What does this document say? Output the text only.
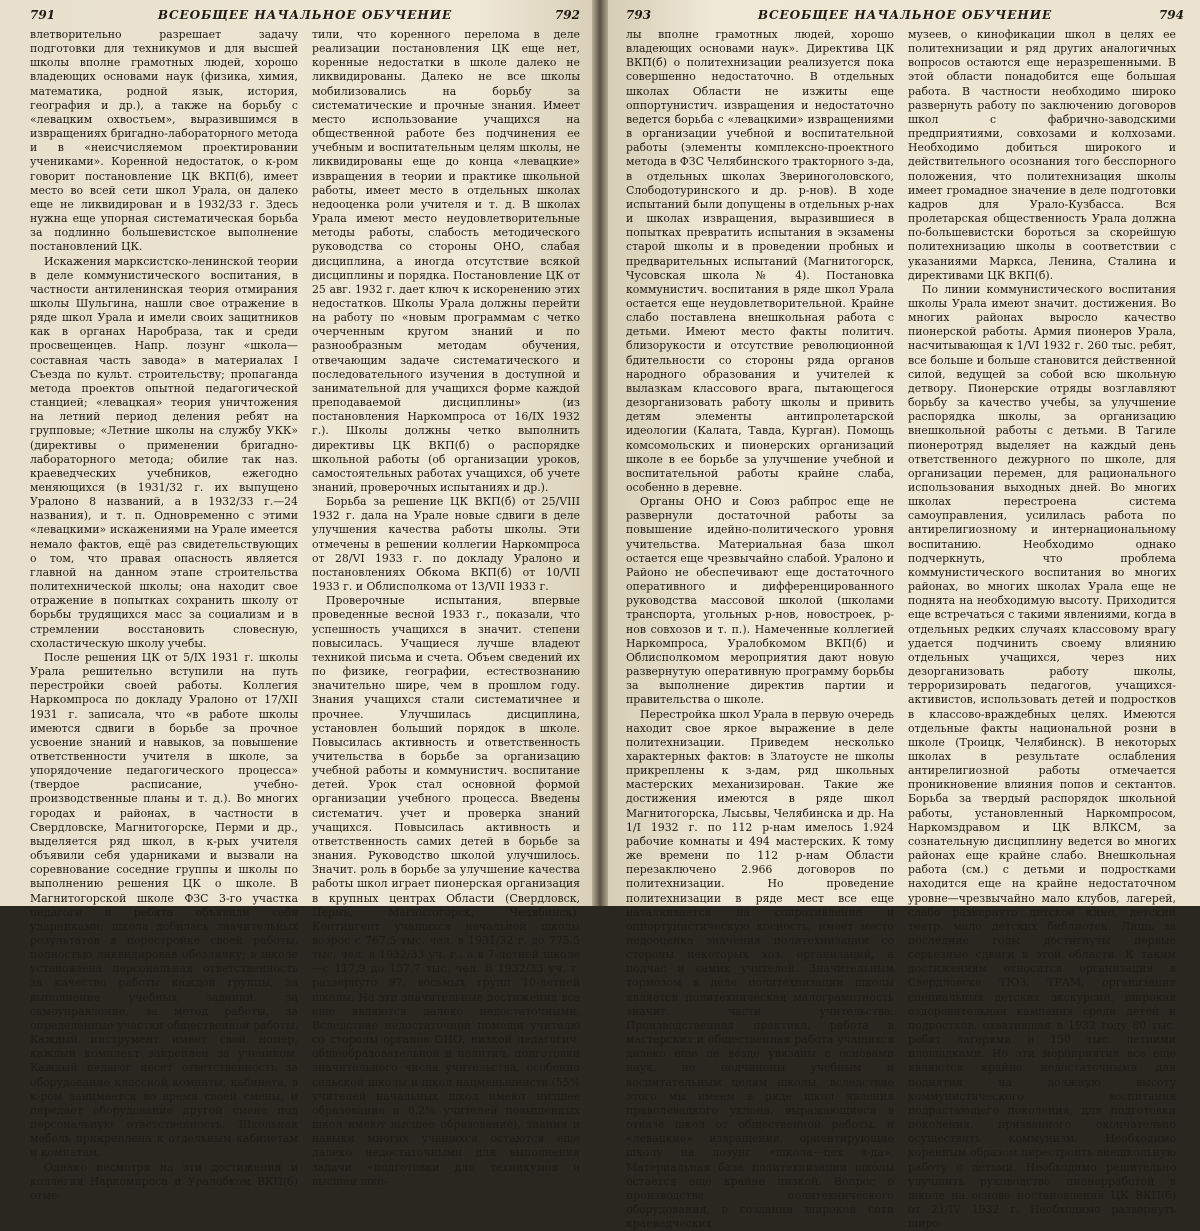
791	ВСЕОБЩЕЕ НАЧАЛЬНОЕ ОБУЧЕНИЕ	792

влетворительно разрешает задачу подготовки для техникумов и для высшей школы вполне грамотных людей, хорошо владеющих основами наук (физика, химия, математика, родной язык, история, география и др.), а также на борьбу с «левацким охвостьем», выразившимся в извращениях бригадно-лабораторного метода и в «неисчисляемом проектировании учениками». Коренной недостаток, о к-ром говорит постановление ЦК ВКП(б), имеет место во всей сети школ Урала, он далеко еще не ликвидирован и в 1932/33 г. Здесь нужна еще упорная систематическая борьба за подлинно большевистское выполнение постановлений ЦК.

Искажения марксистско-ленинской теории в деле коммунистического воспитания, в частности антиленинская теория отмирания школы Шульгина, нашли свое отражение в ряде школ Урала и имели своих защитников как в органах Наробраза, так и среди просвещенцев. Напр. лозунг «школа—составная часть завода» в материалах I Съезда по культ. строительству; пропаганда метода проектов опытной педагогической станцией; «левацкая» теория уничтожения на летний период деления ребят на групповые; «Летние школы на службу УКК» (директивы о применении бригадно-лабораторного метода; обилие так наз. краеведческих учебников, ежегодно меняющихся (в 1931/32 г. их выпущено Уралоно 8 названий, а в 1932/33 г.—24 названия), и т. п. Одновременно с этими «левацкими» искажениями на Урале имеется немало фактов, ещё раз свидетельствующих о том, что правая опасность является главной на данном этапе строительства политехнической школы; она находит свое отражение в попытках сохранить школу от борьбы трудящихся масс за социализм и в стремлении восстановить словесную, схоластическую школу учебы.

После решения ЦК от 5/IX 1931 г. школы Урала решительно вступили на путь перестройки своей работы. Коллегия Наркомпроса по докладу Уралоно от 17/XII 1931 г. записала, что «в работе школы имеются сдвиги в борьбе за прочное усвоение знаний и навыков, за повышение ответственности учителя в школе, за упорядочение педагогического процесса» (твердое расписание, учебно-производственные планы и т. д.). Во многих городах и районах, в частности в Свердловске, Магнитогорске, Перми и др., выделяется ряд школ, в к-рых учителя объявили себя ударниками и вызвали на соревнование соседние группы и школы по выполнению решения ЦК о школе. В Магнитогорской школе ФЗС 3-го участка педагоги и ребята объявили себя ударниками; школа добилась значительных результатов в перестройке своей работы, полностью ликвидировав обезличку; в школе установлена персональная ответственность за качество работы каждой группы, за выполнение учебных заданий, за самоуправление, за метод работы, за определенные участки общественной работы. Каждый инструмент имеет свой номер, каждый комплект закреплен за учеником. Каждый педагог несет ответственность за оборудование классной комнаты, кабинета, в к-ром занимается во время своей смены, и передает оборудование другой смене под персональную ответственность. Школьная мебель прикреплена к отдельным кабинетам и комнатам.

Однако несмотря на эти достижения и коллегия Наркомпроса и Уралобком ВКП(б) отме-

тили, что коренного перелома в деле реализации постановления ЦК еще нет, коренные недостатки в школе далеко не ликвидированы. Далеко не все школы мобилизовались на борьбу за систематические и прочные знания. Имеет место использование учащихся на общественной работе без подчинения ее учебным и воспитательным целям школы, не ликвидированы еще до конца «левацкие» извращения в теории и практике школьной работы, имеет место в отдельных школах недооценка роли учителя и т. д. В школах Урала имеют место неудовлетворительные методы работы, слабость методического руководства со стороны ОНО, слабая дисциплина, а иногда отсутствие всякой дисциплины и порядка. Постановление ЦК от 25 авг. 1932 г. дает ключ к искоренению этих недостатков. Школы Урала должны перейти на работу по «новым программам с четко очерченным кругом знаний и по разнообразным методам обучения, отвечающим задаче систематического и последовательного изучения в доступной и занимательной для учащихся форме каждой преподаваемой дисциплины» (из постановления Наркомпроса от 16/IX 1932 г.). Школы должны четко выполнить директивы ЦК ВКП(б) о распорядке школьной работы (об организации уроков, самостоятельных работах учащихся, об учете знаний, проверочных испытаниях и др.).

Борьба за решение ЦК ВКП(б) от 25/VIII 1932 г. дала на Урале новые сдвиги в деле улучшения качества работы школы. Эти отмечены в решении коллегии Наркомпроса от 28/VI 1933 г. по докладу Уралоно и постановлениях Обкома ВКП(б) от 10/VII 1933 г. и Облисполкома от 13/VII 1933 г.

Проверочные испытания, впервые проведенные весной 1933 г., показали, что успешность учащихся в значит. степени повысилась. Учащиеся лучше владеют техникой письма и счета. Объем сведений их по физике, географии, естествознанию значительно шире, чем в прошлом году. Знания учащихся стали систематичнее и прочнее. Улучшилась дисциплина, установлен больший порядок в школе. Повысилась активность и ответственность учительства в борьбе за организацию учебной работы и коммунистич. воспитание детей. Урок стал основной формой организации учебного процесса. Введены систематич. учет и проверка знаний учащихся. Повысилась активность и ответственность самих детей в борьбе за знания. Руководство школой улучшилось. Значит. роль в борьбе за улучшение качества работы школ играет пионерская организация в крупных центрах Области (Свердловск, Пермь, Магнитогорск, Челябинск). Контингент учащихся начальной школы возрос с 767,5 тыс. чел. в 1931/32 г. до 775,5 тыс. чел. в 1932/33 уч. г., а в 7-летней школе—с 117,9 до 157,7 тыс. чел. В 1932/33 уч. г. развернуто 97, восьмых групп 10-летней школы. Но эти значительные достижения все еще являются далеко недостаточными. Вследствие недостаточной помощи учителю со стороны органов ОНО, низкой педагогич. общеобразовательной и политич. подготовки значительного числа учительства, особенно сельской школы и школ нацменьшинств (55% учителей начальных школ имеют низшее образование и 8,2% учителей повышенных школ имеют высшее образование), знания и навыки многих учащихся остаются еще далеко недостаточными для выполнения задачи «подготовки для техникумов и высшей шко-

793	ВСЕОБЩЕЕ НАЧАЛЬНОЕ ОБУЧЕНИЕ	794

лы вполне грамотных людей, хорошо владеющих основами наук». Директива ЦК ВКП(б) о политехнизации реализуется пока совершенно недостаточно. В отдельных школах Области не изжиты еще оппортунистич. извращения и недостаточно ведется борьба с «левацкими» извращениями в организации учебной и воспитательной работы (элементы комплексно-проектного метода в ФЗС Челябинского тракторного з-да, в отдельных школах Звериноголовского, Слободотуринского и др. р-нов). В ходе испытаний были допущены в отдельных р-нах и школах извращения, выразившиеся в попытках превратить испытания в экзамены старой школы и в проведении пробных и предварительных испытаний (Магнитогорск, Чусовская школа № 4). Постановка коммунистич. воспитания в ряде школ Урала остается еще неудовлетворительной. Крайне слабо поставлена внешкольная работа с детьми. Имеют место факты политич. близорукости и отсутствие революционной бдительности со стороны ряда органов народного образования и учителей к вылазкам классового врага, пытающегося дезорганизовать работу школы и привить детям элементы антипролетарской идеологии (Калата, Тавда, Курган). Помощь комсомольских и пионерских организаций школе в ее борьбе за улучшение учебной и воспитательной работы крайне слаба, особенно в деревне.

Органы ОНО и Союз рабпрос еще не развернули достаточной работы за повышение идейно-политического уровня учительства. Материальная база школ остается еще чрезвычайно слабой. Уралоно и Районо не обеспечивают еще достаточного оперативного и дифференцированного руководства массовой школой (школами транспорта, угольных р-нов, новостроек, р-нов совхозов и т. п.). Намеченные коллегией Наркомпроса, Уралобкомом ВКП(б) и Облисполкомом мероприятия дают новую развернутую оперативную программу борьбы за выполнение директив партии и правительства о школе.

Перестройка школ Урала в первую очередь находит свое яркое выражение в деле политехнизации. Приведем несколько характерных фактов: в Златоусте не школы прикреплены к з-дам, ряд школьных мастерских механизирован. Такие же достижения имеются в ряде школ Магнитогорска, Лысьвы, Челябинска и др. На 1/I 1932 г. по 112 р-нам имелось 1.924 рабочие комнаты и 494 мастерских. К тому же времени по 112 р-нам Области перезаключено 2.966 договоров по политехнизации. Но проведение политехнизации в ряде мест все еще наталкивается на сопротивление и оппортунистическую косность; имеет место недооценка значения политехнизации со стороны некоторых хоз. организаций, а подчас и самих учителей. Значительным тормозом в деле политехнизации школы является политехническая малограмотность значит. части учительства. Производственная практика, работа в мастерских и общественная работа учащихся далеко еще не везде увязаны с основами наук, не подчинены учебным и воспитательным целям школы, вследствие этого мы имеем в ряде школ явления праволевацкого уклона, выражающиеся в отказе школ от общественной работы, и «левацкие» извращения, ориентирующие школу на лозунг «школа—цех з-да». Материальная база политехнизации школы остается еще крайне низкой. Вопрос о производстве политехнического оборудования, о создании широкой сети краеведческих

музеев, о кинофикации школ в целях ее политехнизации и ряд других аналогичных вопросов остаются еще неразрешенными. В этой области понадобится еще большая работа. В частности необходимо широко развернуть работу по заключению договоров школ с фабрично-заводскими предприятиями, совхозами и колхозами. Необходимо добиться широкого и действительного осознания того бесспорного положения, что политехнизация школы имеет громадное значение в деле подготовки кадров для Урало-Кузбасса. Вся пролетарская общественность Урала должна по-большевистски бороться за скорейшую политехнизацию школы в соответствии с указаниями Маркса, Ленина, Сталина и директивами ЦК ВКП(б).

По линии коммунистического воспитания школы Урала имеют значит. достижения. Во многих районах выросло качество пионерской работы. Армия пионеров Урала, насчитывающая к 1/VI 1932 г. 260 тыс. ребят, все больше и больше становится действенной силой, ведущей за собой всю школьную детвору. Пионерские отряды возглавляют борьбу за качество учебы, за улучшение распорядка школы, за организацию внешкольной работы с детьми. В Тагиле пионеротряд выделяет на каждый день ответственного дежурного по школе, для организации перемен, для рационального использования выходных дней. Во многих школах перестроена система самоуправления, усилилась работа по антирелигиозному и интернациональному воспитанию. Необходимо однако подчеркнуть, что проблема коммунистического воспитания во многих районах, во многих школах Урала еще не поднята на необходимую высоту. Приходится еще встречаться с такими явлениями, когда в отдельных редких случаях классовому врагу удается подчинить своему влиянию отдельных учащихся, через них дезорганизовать работу школы, терроризировать педагогов, учащихся-активистов, использовать детей и подростков в классово-враждебных целях. Имеются отдельные факты национальной розни в школе (Троицк, Челябинск). В некоторых школах в результате ослабления антирелигиозной работы отмечается проникновение влияния попов и сектантов. Борьба за твердый распорядок школьной работы, установленный Наркомпросом, Наркомздравом и ЦК ВЛКСМ, за сознательную дисциплину ведется во многих районах еще крайне слабо. Внешкольная работа (см.) с детьми и подростками находится еще на крайне недостаточном уровне—чрезвычайно мало клубов, лагерей, слабо развернуто детское кино, детский театр, мало детских библиотек. Лишь за последние годы достигнуты первые серьезные сдвиги в этой области. К таким достижениям относится организация в Свердловске ТЮЗ, ТРАМ, организация специальных детских экскурсий, широкая оздоровительная кампания среди детей и подростков, охватившая в 1932 году 80 тыс. ребят лагерями и 150 тыс. летними площадками. Но эти мероприятия все еще являются крайне недостаточными для поднятия на должную высоту коммунистического воспитания подрастающего поколения, для подготовки поколения, призванного окончательно осуществить коммунизм. Необходимо коренным образом перестроить внешкольную работу с детьми. Необходимо решительно улучшить руководство пионерработой в школе на основе постановления ЦК ВКП(б) от 21/IV 1932 г. Необходимо развернуть широ-
